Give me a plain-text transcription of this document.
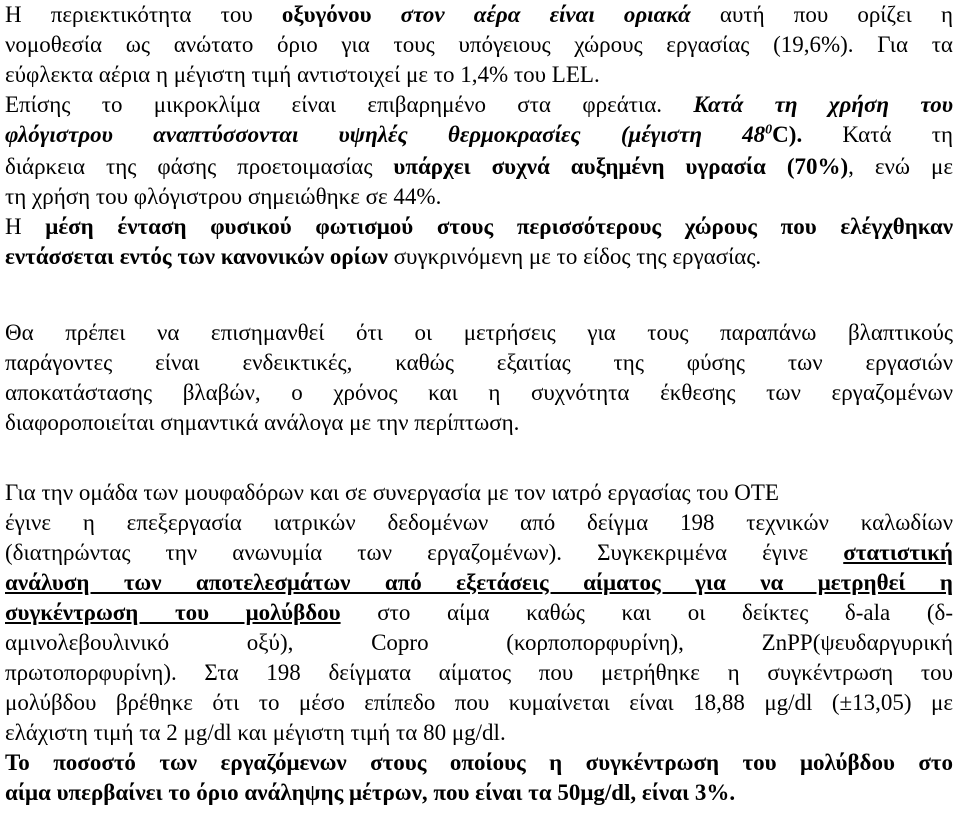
Η περιεκτικότητα του οξυγόνου στον αέρα είναι οριακά αυτή που ορίζει η
νομοθεσία ως ανώτατο όριο για τους υπόγειους χώρους εργασίας (19,6%). Για τα
εύφλεκτα αέρια η μέγιστη τιμή αντιστοιχεί με το 1,4% του LEL.
Επίσης το μικροκλίμα είναι επιβαρημένο στα φρεάτια. Κατά τη χρήση του
φλόγιστρου αναπτύσσονται υψηλές θερμοκρασίες (μέγιστη $48^0C$). Κατά τη
διάρκεια της φάσης προετοιμασίας υπάρχει συχνά αυξημένη υγρασία (70%), ενώ με
τη χρήση του φλόγιστρου σημειώθηκε σε 44%.
Η μέση ένταση φυσικού φωτισμού στους περισσότερους χώρους που ελέγχθηκαν
εντάσσεται εντός των κανονικών ορίων συγκρινόμενη με το είδος της εργασίας.
Θα πρέπει να επισημανθεί ότι οι μετρήσεις για τους παραπάνω βλαπτικούς
παράγοντες είναι ενδεικτικές, καθώς εξαιτίας της φύσης των εργασιών
αποκατάστασης βλαβών, ο χρόνος και η συχνότητα έκθεσης των εργαζομένων
διαφοροποιείται σημαντικά ανάλογα με την περίπτωση.
Για την ομάδα των μουφαδόρων και σε συνεργασία με τον ιατρό εργασίας του ΟΤΕ
έγινε η επεξεργασία ιατρικών δεδομένων από δείγμα 198 τεχνικών καλωδίων
(διατηρώντας την ανωνυμία των εργαζομένων). Συγκεκριμένα έγινε στατιστική
ανάλυση των αποτελεσμάτων από εξετάσεις αίματος για να μετρηθεί η
συγκέντρωση του μολύβδου στο αίμα καθώς και οι δείκτες δ-ala (δ-
αμινολεβουλινικό οξύ), Copro (κορποπορφυρίνη), ZnPP(ψευδαργυρική
πρωτοπορφυρίνη). Στα 198 δείγματα αίματος που μετρήθηκε η συγκέντρωση του
μολύβδου βρέθηκε ότι το μέσο επίπεδο που κυμαίνεται είναι 18,88 μg/dl (±13,05) με
ελάχιστη τιμή τα 2 μg/dl και μέγιστη τιμή τα 80 μg/dl.
Το ποσοστό των εργαζόμενων στους οποίους η συγκέντρωση του μολύβδου στο
αίμα υπερβαίνει το όριο ανάληψης μέτρων, που είναι τα 50μg/dl, είναι 3%.
